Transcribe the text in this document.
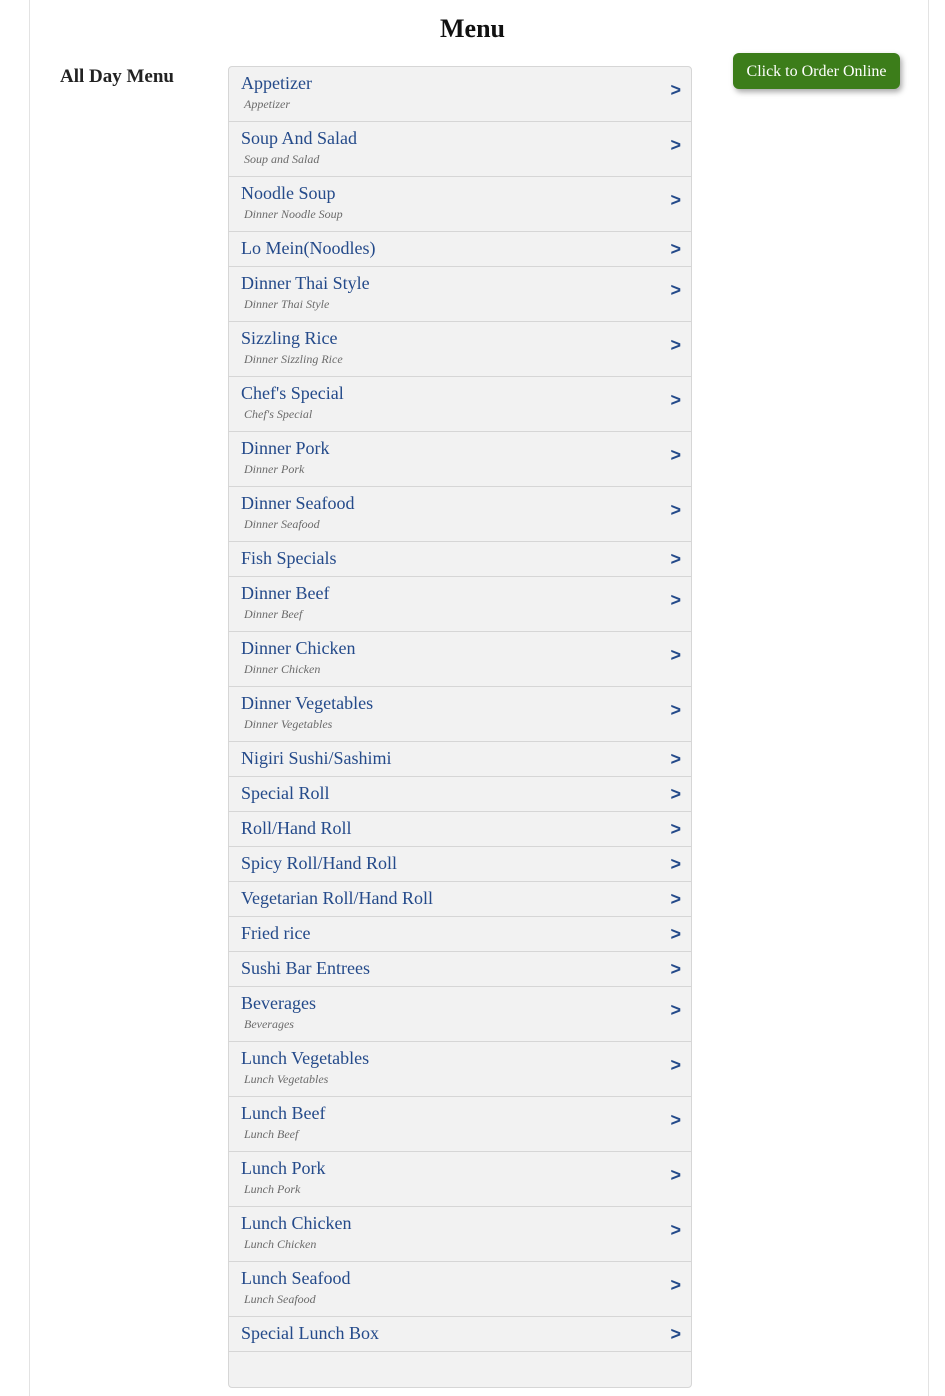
Menu
All Day Menu	Click to Order Online
Appetizer
Appetizer
>
Soup And Salad
Soup and Salad
>
Noodle Soup
Dinner Noodle Soup
>
Lo Mein(Noodles)	>
Dinner Thai Style
Dinner Thai Style
>
Sizzling Rice
Dinner Sizzling Rice
>
Chef's Special
Chef's Special
>
Dinner Pork
Dinner Pork
>
Dinner Seafood
Dinner Seafood
>
Fish Specials	>
Dinner Beef
Dinner Beef
>
Dinner Chicken
Dinner Chicken
>
Dinner Vegetables
Dinner Vegetables
>
Nigiri Sushi/Sashimi	>
Special Roll	>
Roll/Hand Roll	>
Spicy Roll/Hand Roll	>
Vegetarian Roll/Hand Roll	>
Fried rice	>
Sushi Bar Entrees	>
Beverages
Beverages
>
Lunch Vegetables
Lunch Vegetables
>
Lunch Beef
Lunch Beef
>
Lunch Pork
Lunch Pork
>
Lunch Chicken
Lunch Chicken
>
Lunch Seafood
Lunch Seafood
>
Special Lunch Box	>
